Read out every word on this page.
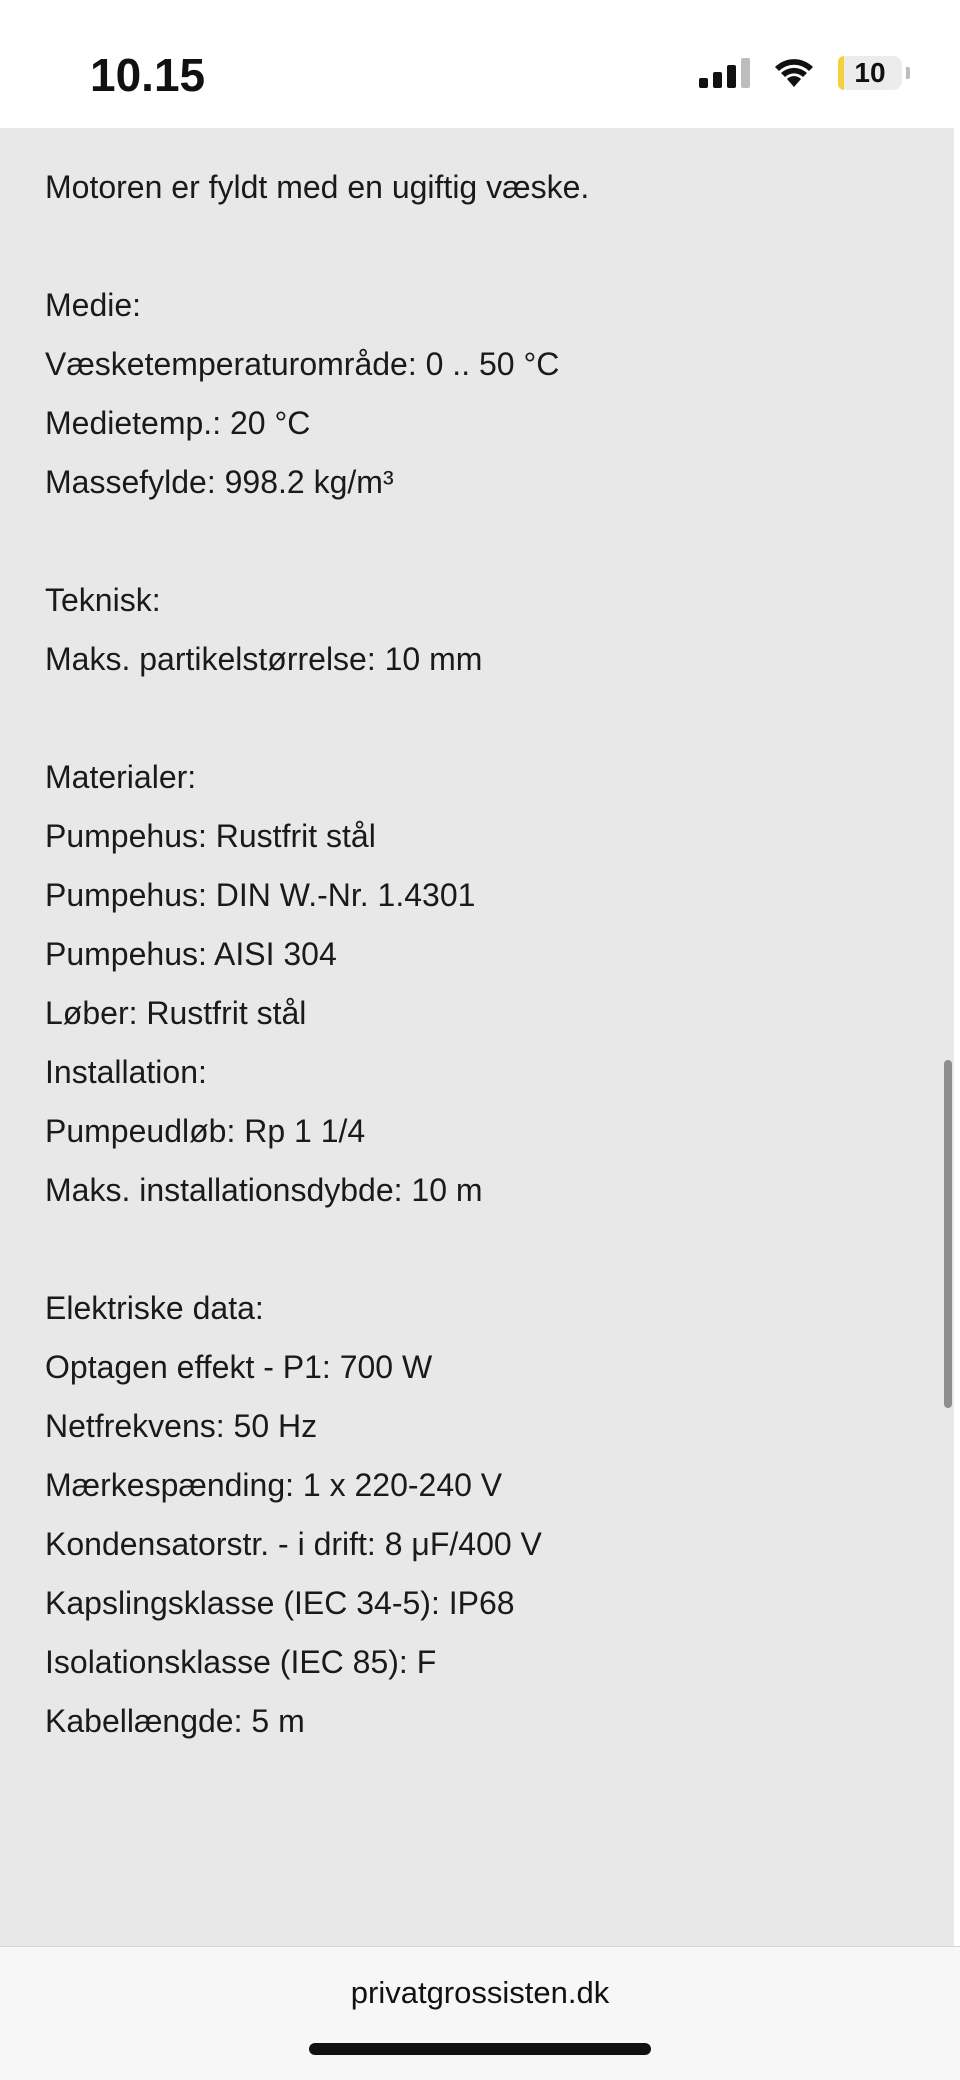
10.15	10
Motoren er fyldt med en ugiftig væske.
Medie:
Væsketemperaturområde: 0 .. 50 °C
Medietemp.: 20 °C
Massefylde: 998.2 kg/m³
Teknisk:
Maks. partikelstørrelse: 10 mm
Materialer:
Pumpehus: Rustfrit stål
Pumpehus: DIN W.-Nr. 1.4301
Pumpehus: AISI 304
Løber: Rustfrit stål
Installation:
Pumpeudløb: Rp 1 1/4
Maks. installationsdybde: 10 m
Elektriske data:
Optagen effekt - P1: 700 W
Netfrekvens: 50 Hz
Mærkespænding: 1 x 220-240 V
Kondensatorstr. - i drift: 8 μF/400 V
Kapslingsklasse (IEC 34-5): IP68
Isolationsklasse (IEC 85): F
Kabellængde: 5 m
privatgrossisten.dk
